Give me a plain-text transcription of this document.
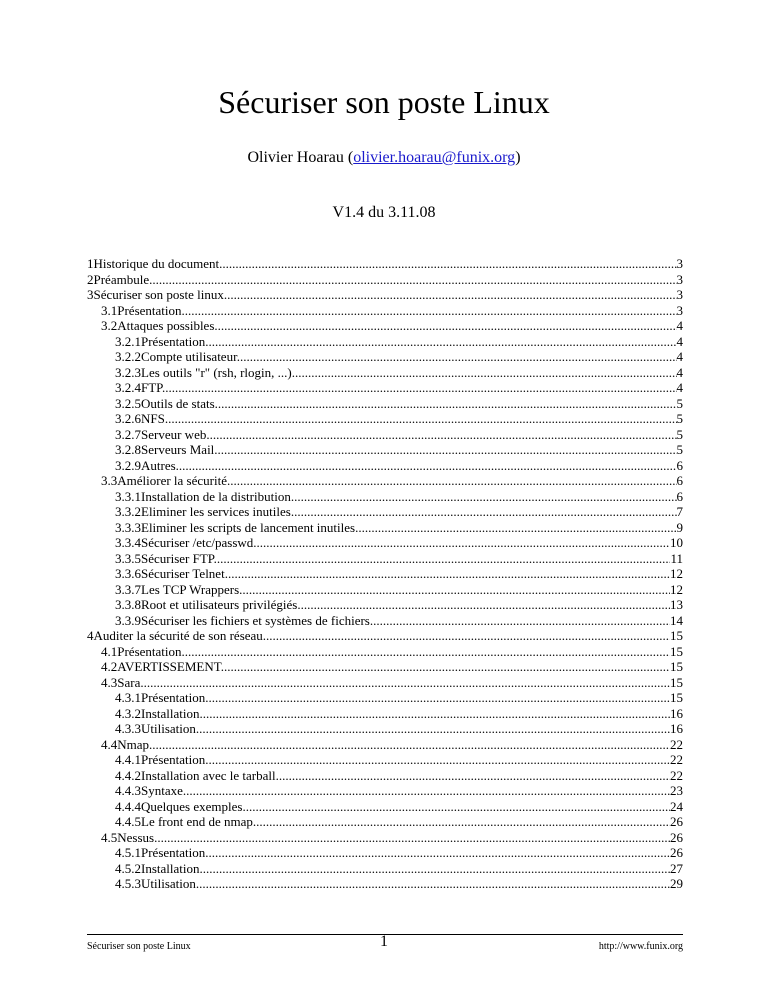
Sécuriser son poste Linux
Olivier Hoarau (olivier.hoarau@funix.org)
V1.4 du 3.11.08
1Historique du document .....	3
2Préambule .....	3
3Sécuriser son poste linux .....	3
3.1Présentation .....	3
3.2Attaques possibles .....	4
3.2.1Présentation .....	4
3.2.2Compte utilisateur .....	4
3.2.3Les outils "r" (rsh, rlogin, ...) .....	4
3.2.4FTP .....	4
3.2.5Outils de stats .....	5
3.2.6NFS .....	5
3.2.7Serveur web .....	5
3.2.8Serveurs Mail .....	5
3.2.9Autres .....	6
3.3Améliorer la sécurité .....	6
3.3.1Installation de la distribution .....	6
3.3.2Eliminer les services inutiles .....	7
3.3.3Eliminer les scripts de lancement inutiles .....	9
3.3.4Sécuriser /etc/passwd .....	10
3.3.5Sécuriser FTP .....	11
3.3.6Sécuriser Telnet .....	12
3.3.7Les TCP Wrappers .....	12
3.3.8Root et utilisateurs privilégiés .....	13
3.3.9Sécuriser les fichiers et systèmes de fichiers .....	14
4Auditer la sécurité de son réseau .....	15
4.1Présentation .....	15
4.2AVERTISSEMENT .....	15
4.3Sara .....	15
4.3.1Présentation .....	15
4.3.2Installation .....	16
4.3.3Utilisation .....	16
4.4Nmap .....	22
4.4.1Présentation .....	22
4.4.2Installation avec le tarball .....	22
4.4.3Syntaxe .....	23
4.4.4Quelques exemples .....	24
4.4.5Le front end de nmap .....	26
4.5Nessus .....	26
4.5.1Présentation .....	26
4.5.2Installation .....	27
4.5.3Utilisation .....	29
Sécuriser son poste Linux	1	http://www.funix.org
